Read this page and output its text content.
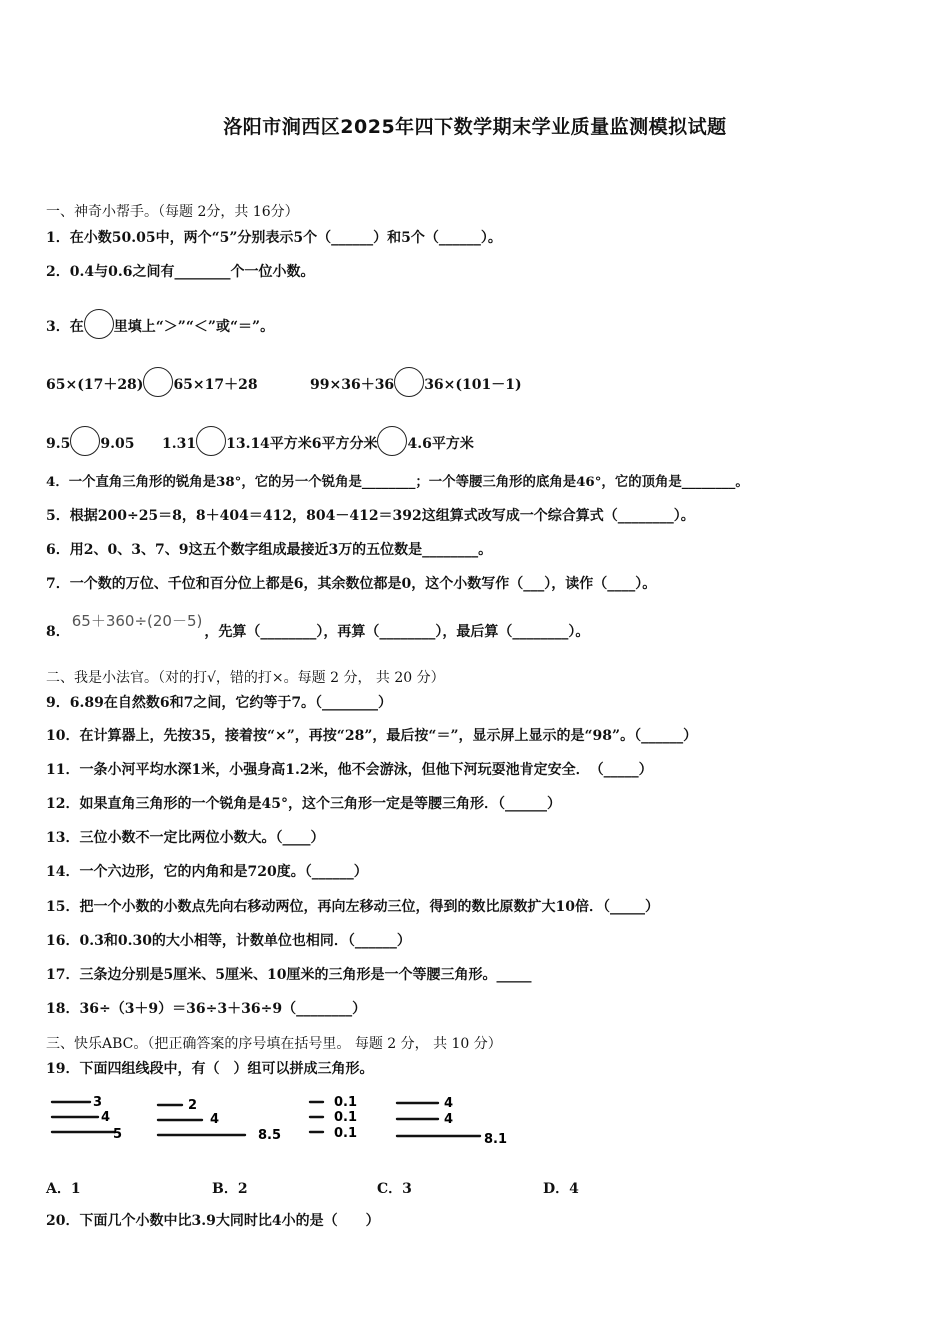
洛阳市涧西区2025年四下数学期末学业质量监测模拟试题
一、神奇小帮手。（每题 2分，共 16分）
1．在小数50.05中，两个“5”分别表示5个（______）和5个（______）。
2．0.4与0.6之间有________个一位小数。
3．在 里填上“＞”“＜”或“＝”。
65×(17＋28) 65×17＋28	99×36＋36 36×(101－1)
9.5 9.05 1.31 13.1 4平方米6平方分米 4.6平方米
4．一个直角三角形的锐角是38°，它的另一个锐角是________；一个等腰三角形的底角是46°，它的顶角是________。
5．根据200÷25＝8，8＋404＝412，804－412＝392这组算式改写成一个综合算式（________）。
6．用2、0、3、7、9这五个数字组成最接近3万的五位数是________。
7．一个数的万位、千位和百分位上都是6，其余数位都是0，这个小数写作（___），读作（____）。
8．65＋360÷(20－5)，先算（________），再算（________），最后算（________）。
二、我是小法官。（对的打√，错的打×。每题 2 分， 共 20 分）
9．6.89在自然数6和7之间，它约等于7。（________）
10．在计算器上，先按35，接着按“×”，再按“28”，最后按“＝”，显示屏上显示的是“98”。（______）
11．一条小河平均水深1米，小强身高1.2米，他不会游泳，但他下河玩耍池肯定安全．　（_____）
12．如果直角三角形的一个锐角是45°，这个三角形一定是等腰三角形．（______）
13．三位小数不一定比两位小数大。（____）
14．一个六边形，它的内角和是720度。（______）
15．把一个小数的小数点先向右移动两位，再向左移动三位，得到的数比原数扩大10倍．（_____）
16．0.3和0.30的大小相等，计数单位也相同．（______）
17．三条边分别是5厘米、5厘米、10厘米的三角形是一个等腰三角形。_____
18．36÷（3＋9）＝36÷3＋36÷9（________）
三、快乐ABC。（把正确答案的序号填在括号里。 每题 2 分， 共 10 分）
19．下面四组线段中，有（　）组可以拼成三角形。
3
4
5
2
4
8.5
0.1
0.1
0.1
4
4
8.1
A．1	B．2	C．3	D．4
20．下面几个小数中比3.9大同时比4小的是（　　）
